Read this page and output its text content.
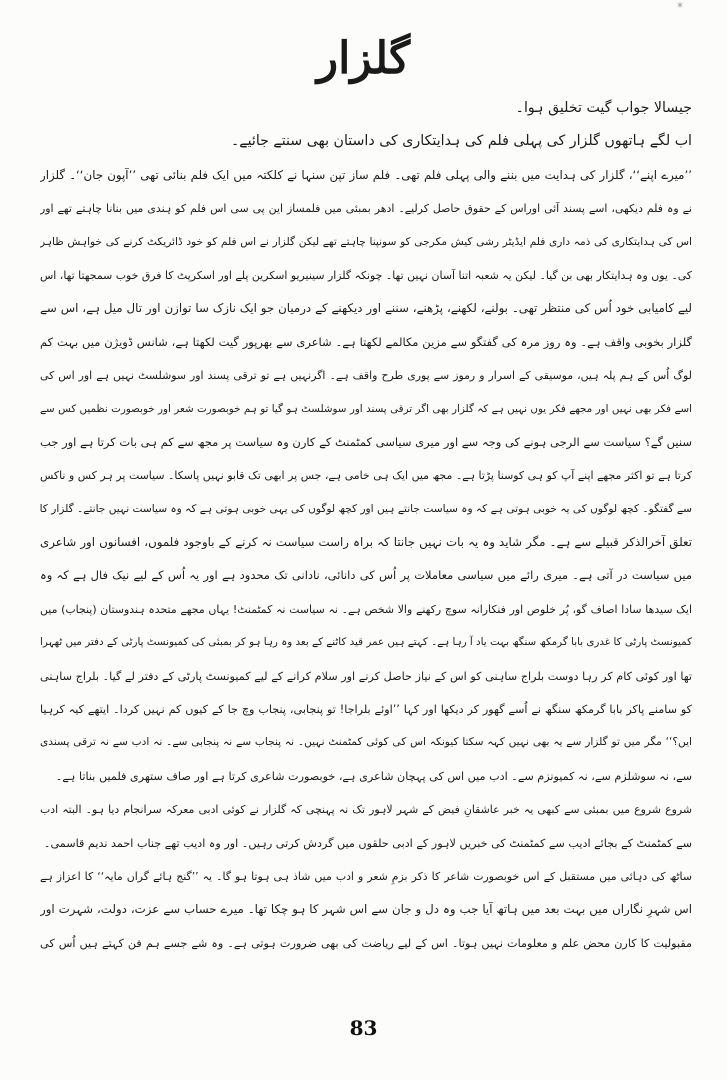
*
گلزار
جیسالا جواب گیت تخلیق ہوا۔
اب لگے ہاتھوں گلزار کی پہلی فلم کی ہدایتکاری کی داستان بھی سنتے جائیے۔
’’میرے اپنے‘‘، گلزار کی ہدایت میں بننے والی پہلی فلم تھی۔ فلم ساز تپن سنہا نے کلکتہ میں ایک فلم بنائی تھی ’’آپون جان‘‘۔ گلزار
نے وہ فلم دیکھی، اسے پسند آئی اوراس کے حقوق حاصل کرلیے۔ ادھر بمبئی میں فلمساز این پی سی اس فلم کو ہندی میں بنانا چاہتے تھے اور
اس کی ہدایتکاری کی ذمہ داری فلم ایڈیٹر رشی کیش مکرجی کو سونپنا چاہتے تھے لیکن گلزار نے اس فلم کو خود ڈائریکٹ کرنے کی خواہش ظاہر
کی۔ یوں وہ ہدایتکار بھی بن گیا۔ لیکن یہ شعبہ اتنا آسان نہیں تھا۔ چونکہ گلزار سینیریو اسکرین پلے اور اسکرپٹ کا فرق خوب سمجھتا تھا، اس
لیے کامیابی خود اُس کی منتظر تھی۔ بولنے، لکھنے، پڑھنے، سننے اور دیکھنے کے درمیان جو ایک نازک سا توازن اور تال میل ہے، اس سے
گلزار بخوبی واقف ہے۔ وہ روز مرہ کی گفتگو سے مزین مکالمے لکھتا ہے۔ شاعری سے بھرپور گیت لکھتا ہے، شانس ڈویژن میں بہت کم
لوگ اُس کے ہم پلہ ہیں، موسیقی کے اسرار و رموز سے پوری طرح واقف ہے۔ اگرنہیں ہے تو ترقی پسند اور سوشلسٹ نہیں ہے اور اس کی
اسے فکر بھی نہیں اور مجھے فکر یوں نہیں ہے کہ گلزار بھی اگر ترقی پسند اور سوشلسٹ ہو گیا تو ہم خوبصورت شعر اور خوبصورت نظمیں کس سے
سنیں گے؟ سیاست سے الرجی ہونے کی وجہ سے اور میری سیاسی کمٹمنٹ کے کارن وہ سیاست پر مجھ سے کم ہی بات کرتا ہے اور جب
کرتا ہے تو اکثر مجھے اپنے آپ کو ہی کوسنا پڑتا ہے۔ مجھ میں ایک ہی خامی ہے، جس پر ابھی تک قابو نہیں پاسکا۔ سیاست پر ہر کس و ناکس
سے گفتگو۔ کچھ لوگوں کی یہ خوبی ہوتی ہے کہ وہ سیاست جانتے ہیں اور کچھ لوگوں کی یہی خوبی ہوتی ہے کہ وہ سیاست نہیں جانتے۔ گلزار کا
تعلق آخرالذکر قبیلے سے ہے۔ مگر شاید وہ یہ بات نہیں جانتا کہ براہ راست سیاست نہ کرنے کے باوجود فلموں، افسانوں اور شاعری
میں سیاست در آتی ہے۔ میری رائے میں سیاسی معاملات پر اُس کی دانائی، نادانی تک محدود ہے اور یہ اُس کے لیے نیک فال ہے کہ وہ
ایک سیدھا سادا اصاف گو، پُر خلوص اور فنکارانہ سوچ رکھنے والا شخص ہے۔ نہ سیاست نہ کمٹمنٹ! یہاں مجھے متحدہ ہندوستان (پنجاب) میں
کمیونسٹ پارٹی کا غدری بابا گرمکھ سنگھ بہت یاد آ رہا ہے۔ کہتے ہیں عمر قید کاٹنے کے بعد وہ رہا ہو کر بمبئی کی کمیونسٹ پارٹی کے دفتر میں ٹھہرا
تھا اور کوئی کام کر رہا دوست بلراج ساہنی کو اس کے نیاز حاصل کرنے اور سلام کرانے کے لیے کمیونسٹ پارٹی کے دفتر لے گیا۔ بلراج ساہنی
کو سامنے پاکر بابا گرمکھ سنگھ نے اُسے گھور کر دیکھا اور کہا ’’اوئے بلراجا! تو پنجابی، پنجاب وچ جا کے کیوں کم نہیں کردا۔ ایتھے کیہ کرہیا
ایں؟‘‘ مگر میں تو گلزار سے یہ بھی نہیں کہہ سکتا کیونکہ اس کی کوئی کمٹمنٹ نہیں۔ نہ پنجاب سے نہ پنجابی سے۔ نہ ادب سے نہ ترقی پسندی
سے، نہ سوشلزم سے، نہ کمیونزم سے۔ ادب میں اس کی پہچان شاعری ہے، خوبصورت شاعری کرتا ہے اور صاف ستھری فلمیں بناتا ہے۔
شروع شروع میں بمبئی سے کبھی یہ خبر عاشقانِ فیض کے شہر لاہور تک نہ پہنچی کہ گلزار نے کوئی ادبی معرکہ سرانجام دیا ہو۔ البتہ ادب
سے کمٹمنٹ کے بجائے ادیب سے کمٹمنٹ کی خبریں لاہور کے ادبی حلقوں میں گردش کرتی رہیں۔ اور وہ ادیب تھے جناب احمد ندیم قاسمی۔
ساٹھ کی دہائی میں مستقبل کے اس خوبصورت شاعر کا ذکر بزمِ شعر و ادب میں شاذ ہی ہوتا ہو گا۔ یہ ’’گنج ہائے گراں مایہ‘‘ کا اعزاز ہے
اس شہرِ نگاراں میں بہت بعد میں ہاتھ آیا جب وہ دل و جان سے اس شہر کا ہو چکا تھا۔ میرے حساب سے عزت، دولت، شہرت اور
مقبولیت کا کارن محض علم و معلومات نہیں ہوتا۔ اس کے لیے ریاضت کی بھی ضرورت ہوتی ہے۔ وہ شے جسے ہم فن کہتے ہیں اُس کی
83
